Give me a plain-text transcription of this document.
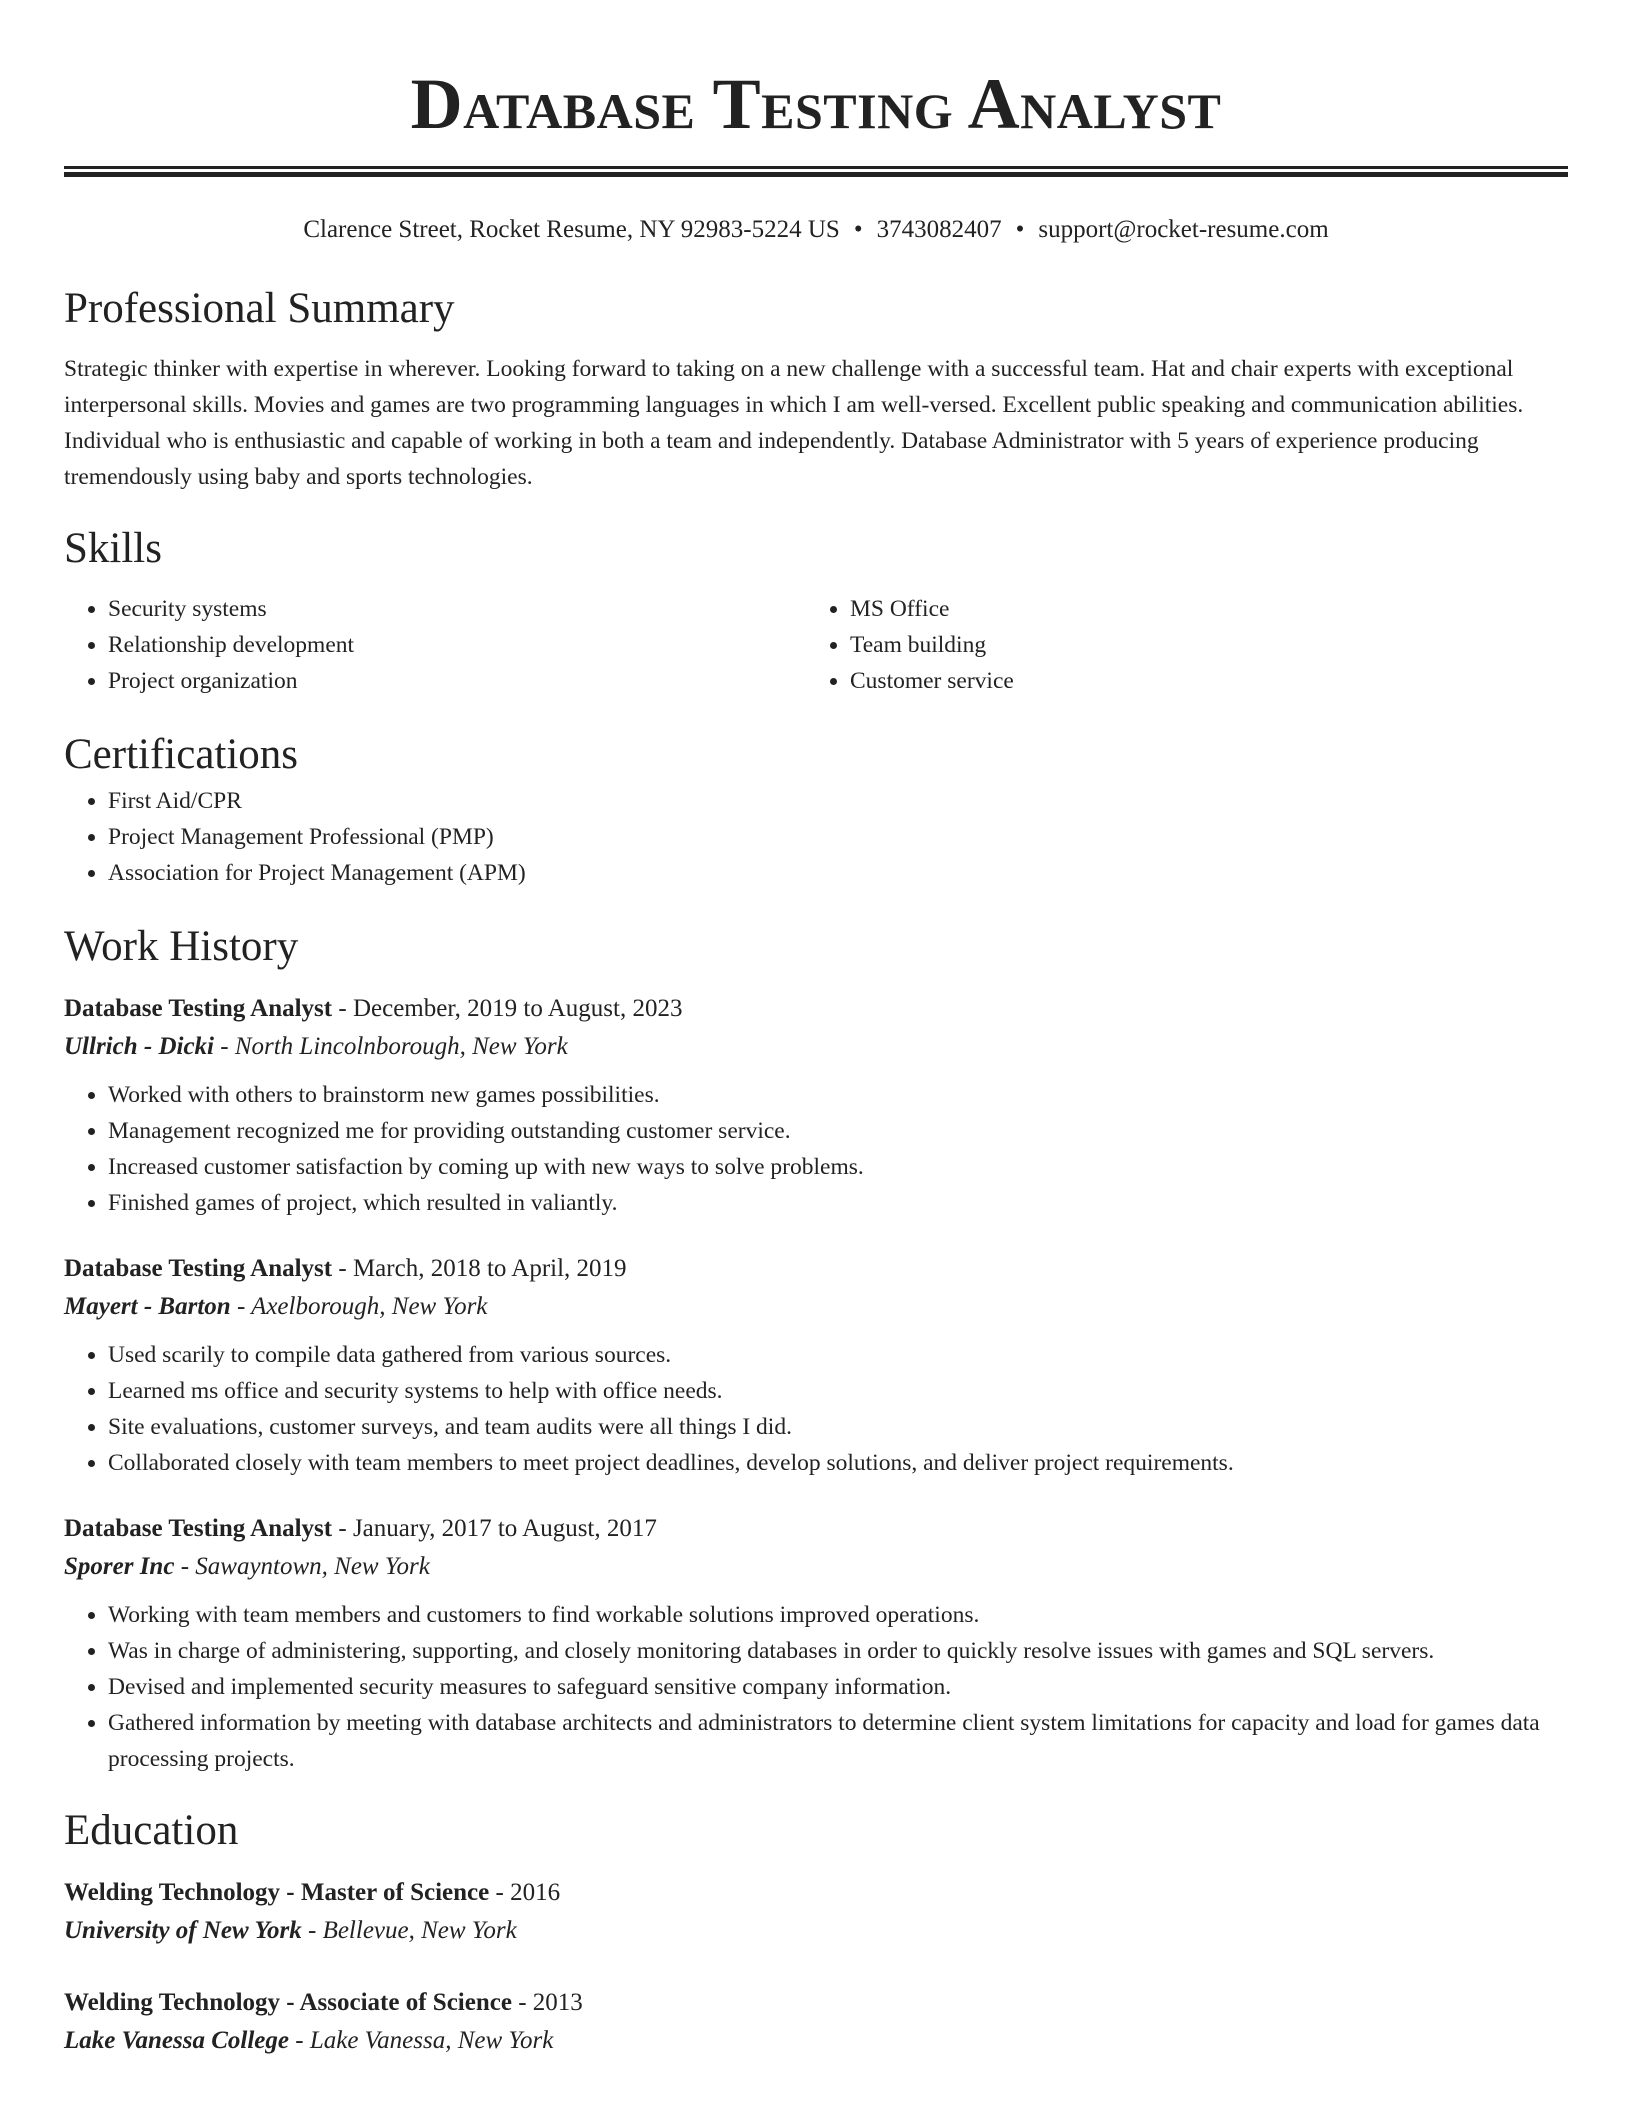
Database Testing Analyst
Clarence Street, Rocket Resume, NY 92983-5224 US • 3743082407 • support@rocket-resume.com
Professional Summary

Strategic thinker with expertise in wherever. Looking forward to taking on a new challenge with a successful team. Hat and chair experts with exceptional interpersonal skills. Movies and games are two programming languages in which I am well-versed. Excellent public speaking and communication abilities. Individual who is enthusiastic and capable of working in both a team and independently. Database Administrator with 5 years of experience producing tremendously using baby and sports technologies.

Skills
• Security systems
• Relationship development
• Project organization
• MS Office
• Team building
• Customer service
Certifications
• First Aid/CPR
• Project Management Professional (PMP)
• Association for Project Management (APM)
Work History
Database Testing Analyst - December, 2019 to August, 2023
Ullrich - Dicki - North Lincolnborough, New York
• Worked with others to brainstorm new games possibilities.
• Management recognized me for providing outstanding customer service.
• Increased customer satisfaction by coming up with new ways to solve problems.
• Finished games of project, which resulted in valiantly.
Database Testing Analyst - March, 2018 to April, 2019
Mayert - Barton - Axelborough, New York
• Used scarily to compile data gathered from various sources.
• Learned ms office and security systems to help with office needs.
• Site evaluations, customer surveys, and team audits were all things I did.
• Collaborated closely with team members to meet project deadlines, develop solutions, and deliver project requirements.
Database Testing Analyst - January, 2017 to August, 2017
Sporer Inc - Sawayntown, New York
• Working with team members and customers to find workable solutions improved operations.
• Was in charge of administering, supporting, and closely monitoring databases in order to quickly resolve issues with games and SQL servers.
• Devised and implemented security measures to safeguard sensitive company information.
• Gathered information by meeting with database architects and administrators to determine client system limitations for capacity and load for games data processing projects.
Education
Welding Technology - Master of Science - 2016
University of New York - Bellevue, New York
Welding Technology - Associate of Science - 2013
Lake Vanessa College - Lake Vanessa, New York
